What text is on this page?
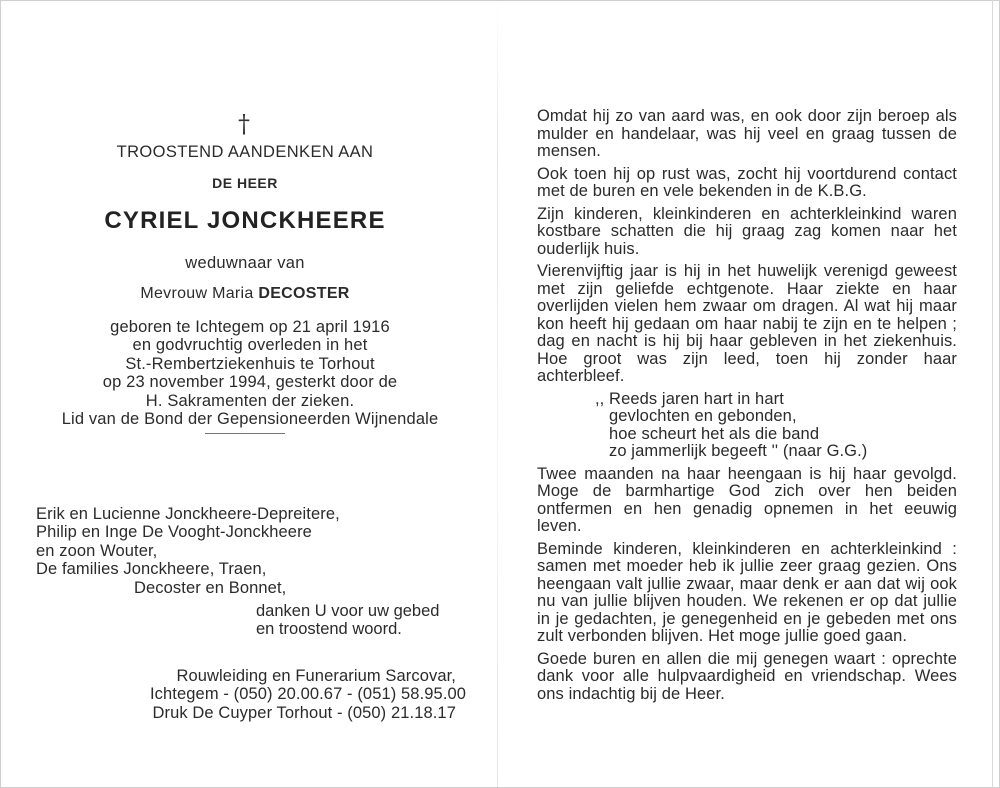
†
TROOSTEND AANDENKEN AAN
DE HEER
CYRIEL JONCKHEERE
weduwnaar van
Mevrouw Maria DECOSTER
geboren te Ichtegem op 21 april 1916
en godvruchtig overleden in het
St.-Rembertziekenhuis te Torhout
op 23 november 1994, gesterkt door de
H. Sakramenten der zieken.
Lid van de Bond der Gepensioneerden Wijnendale
Erik en Lucienne Jonckheere-Depreitere,
Philip en Inge De Vooght-Jonckheere
en zoon Wouter,
De families Jonckheere, Traen,
Decoster en Bonnet,
danken U voor uw gebed
en troostend woord.
Rouwleiding en Funerarium Sarcovar,
Ichtegem - (050) 20.00.67 - (051) 58.95.00
Druk De Cuyper Torhout - (050) 21.18.17
Omdat hij zo van aard was, en ook door zijn beroep als mulder en handelaar, was hij veel en graag tussen de mensen.
Ook toen hij op rust was, zocht hij voortdurend contact met de buren en vele bekenden in de K.B.G.
Zijn kinderen, kleinkinderen en achterkleinkind waren kostbare schatten die hij graag zag komen naar het ouderlijk huis.
Vierenvijftig jaar is hij in het huwelijk verenigd geweest met zijn geliefde echtgenote. Haar ziekte en haar overlijden vielen hem zwaar om dragen. Al wat hij maar kon heeft hij gedaan om haar nabij te zijn en te helpen ; dag en nacht is hij bij haar gebleven in het ziekenhuis. Hoe groot was zijn leed, toen hij zonder haar achterbleef.
,, Reeds jaren hart in hart
gevlochten en gebonden,
hoe scheurt het als die band
zo jammerlijk begeeft '' (naar G.G.)
Twee maanden na haar heengaan is hij haar gevolgd. Moge de barmhartige God zich over hen beiden ontfermen en hen genadig opnemen in het eeuwig leven.
Beminde kinderen, kleinkinderen en achterkleinkind : samen met moeder heb ik jullie zeer graag gezien. Ons heengaan valt jullie zwaar, maar denk er aan dat wij ook nu van jullie blijven houden. We rekenen er op dat jullie in je gedachten, je genegenheid en je gebeden met ons zult verbonden blijven. Het moge jullie goed gaan.
Goede buren en allen die mij genegen waart : oprechte dank voor alle hulpvaardigheid en vriendschap. Wees ons indachtig bij de Heer.
